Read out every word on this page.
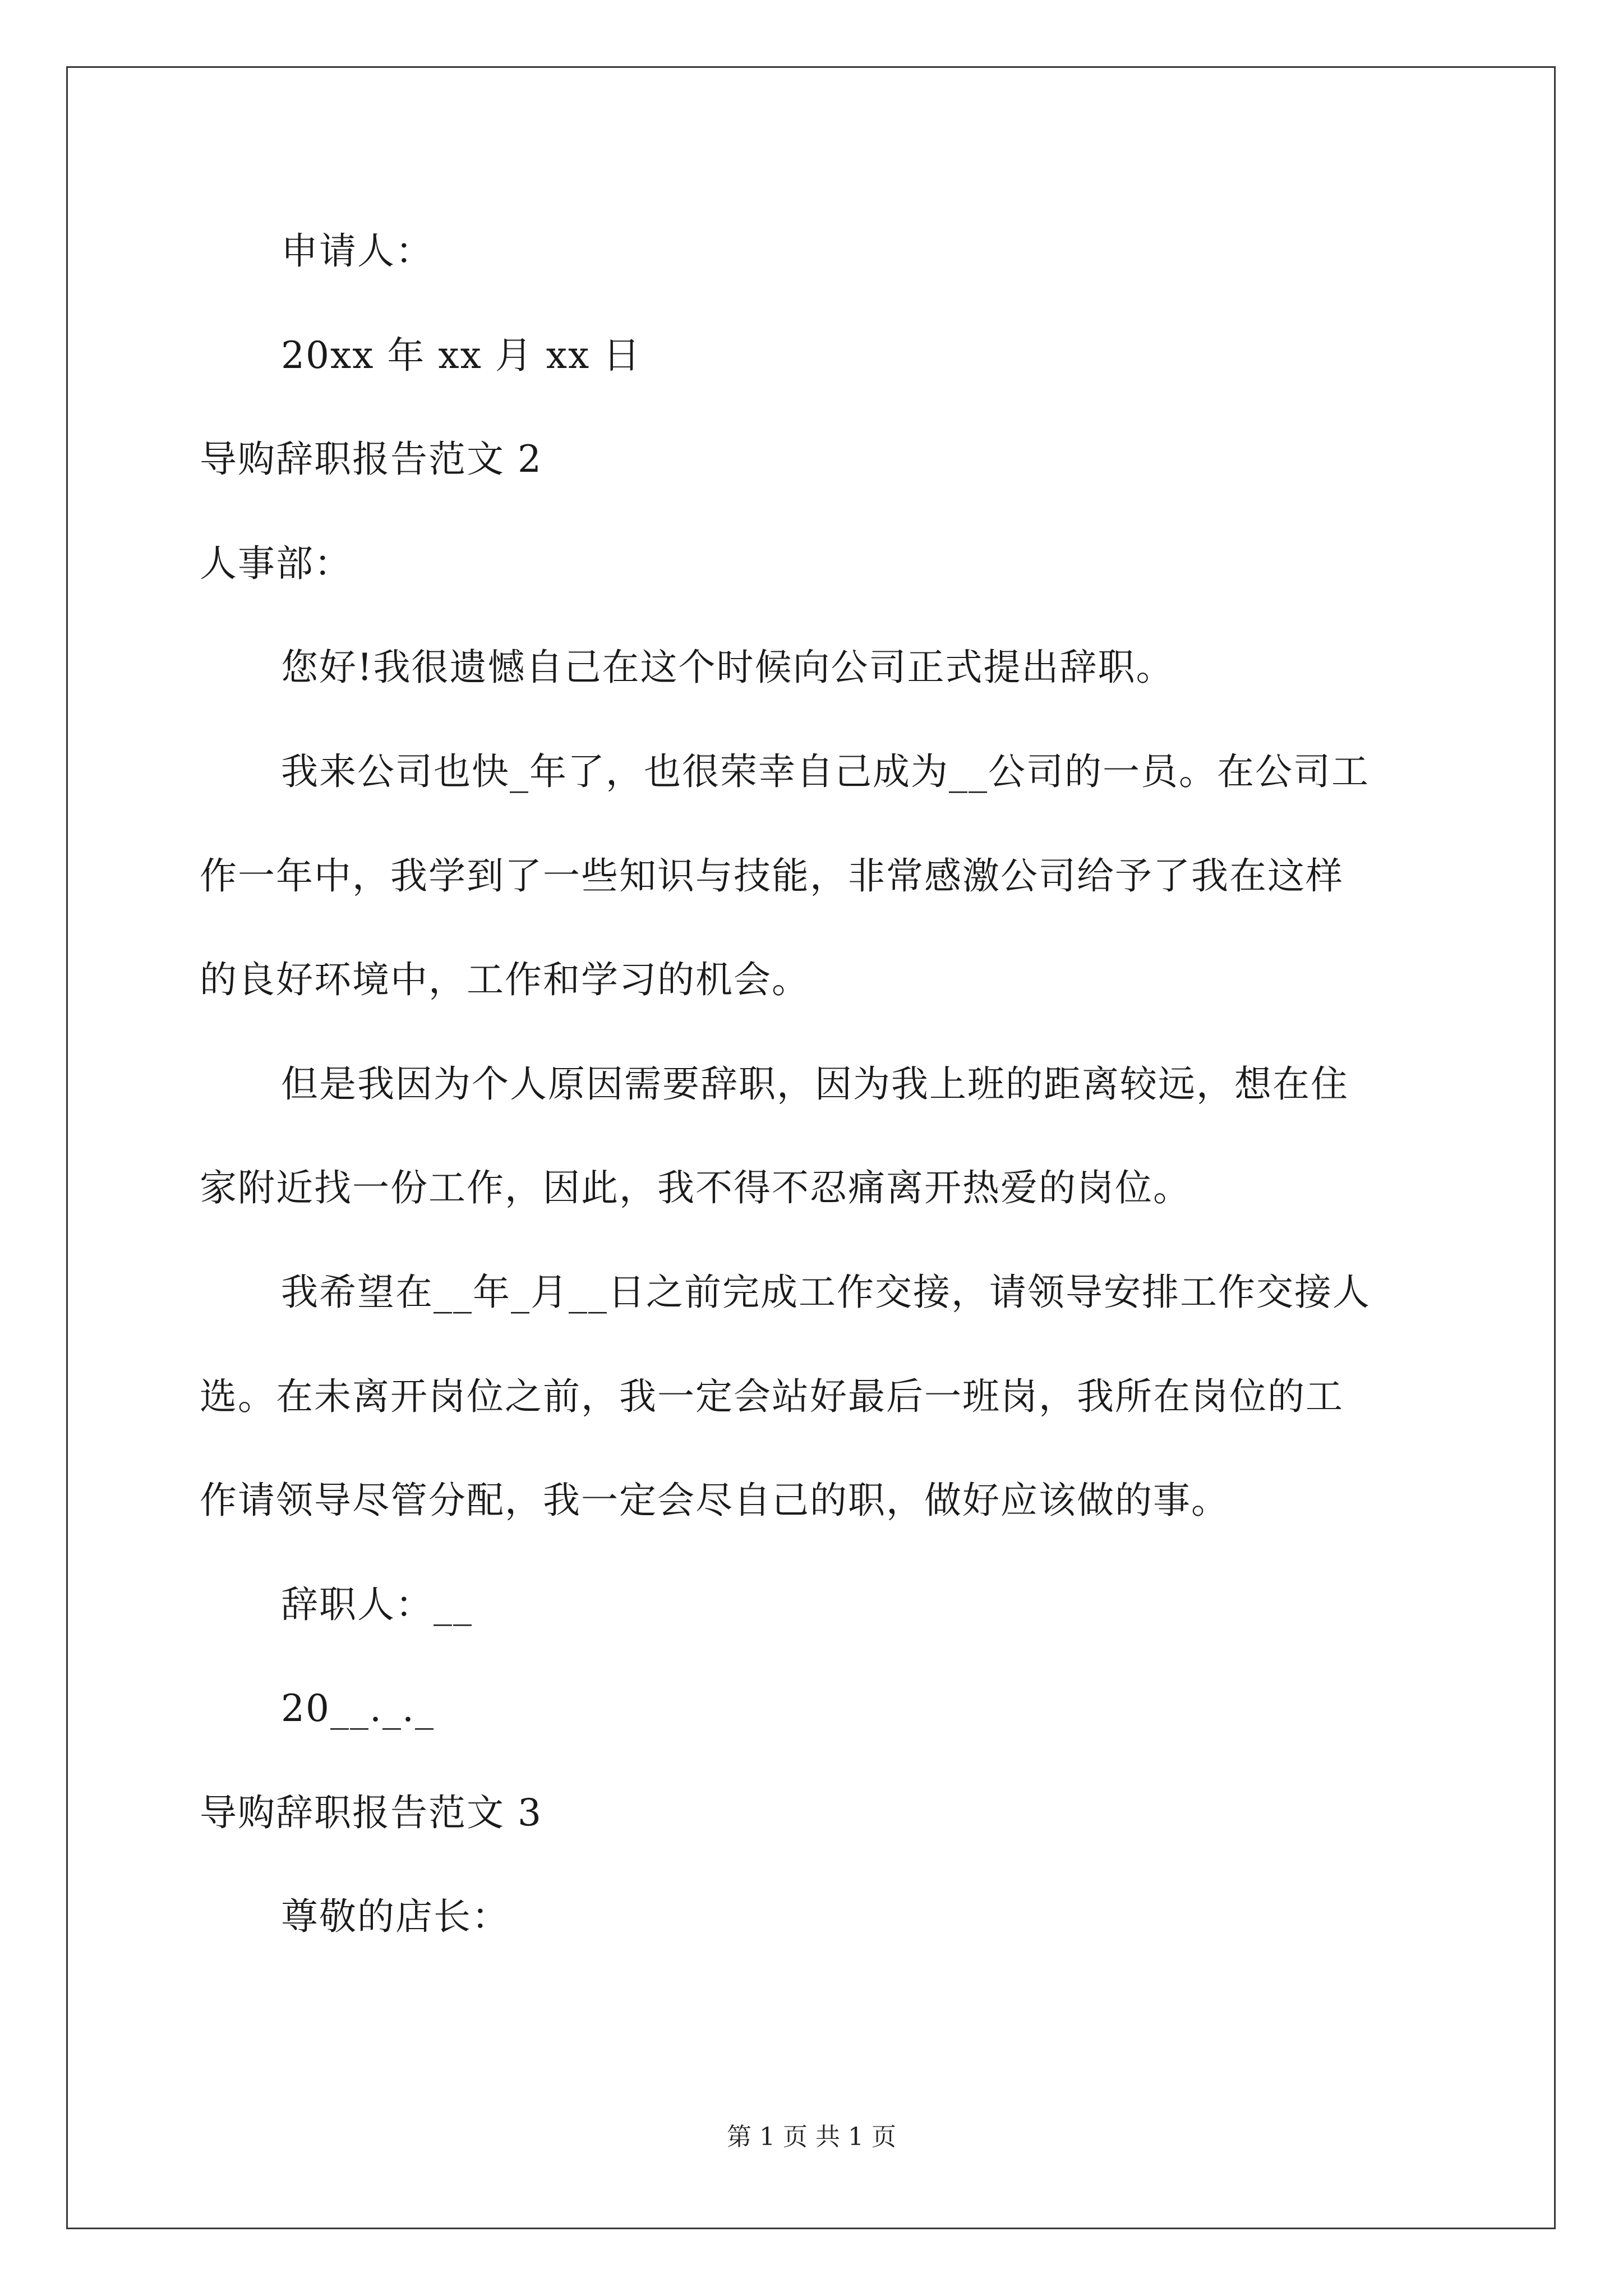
申请人：
20xx 年 xx 月 xx 日
导购辞职报告范文 2
人事部：
您好!我很遗憾自己在这个时候向公司正式提出辞职。
我来公司也快_年了，也很荣幸自己成为__公司的一员。在公司工
作一年中，我学到了一些知识与技能，非常感激公司给予了我在这样
的良好环境中，工作和学习的机会。
但是我因为个人原因需要辞职，因为我上班的距离较远，想在住
家附近找一份工作，因此，我不得不忍痛离开热爱的岗位。
我希望在__年_月__日之前完成工作交接，请领导安排工作交接人
选。在未离开岗位之前，我一定会站好最后一班岗，我所在岗位的工
作请领导尽管分配，我一定会尽自己的职，做好应该做的事。
辞职人：__
20__._._
导购辞职报告范文 3
尊敬的店长：
第 1 页 共 1 页
